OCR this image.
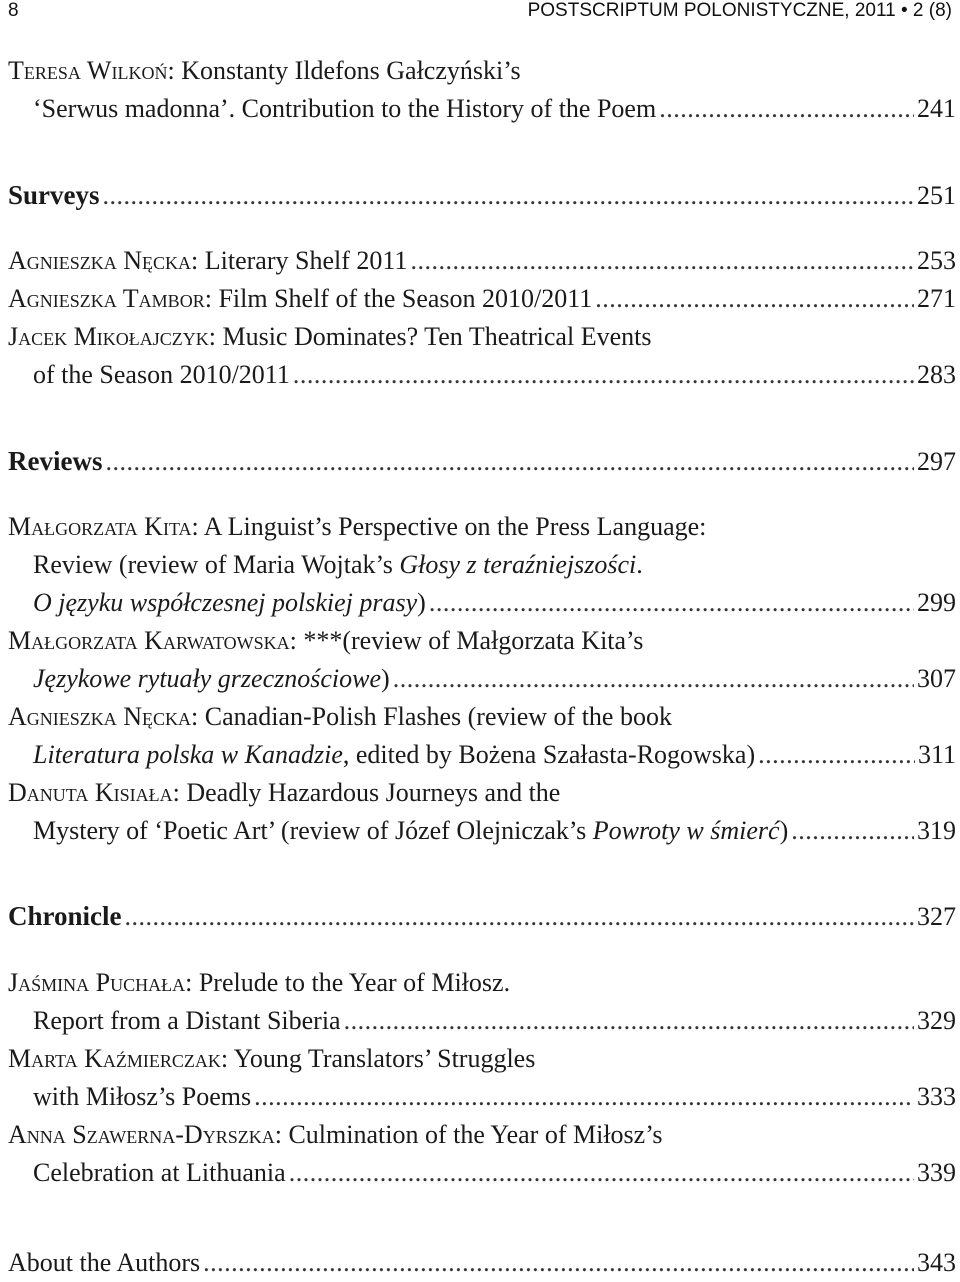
8	POSTSCRIPTUM POLONISTYCZNE, 2011 • 2 (8)
Teresa Wilkoń: Konstanty Ildefons Gałczyński’s
‘Serwus madonna’. Contribution to the History of the Poem .....	241
Surveys .....	251
Agnieszka Nęcka: Literary Shelf 2011 .....	253
Agnieszka Tambor: Film Shelf of the Season 2010/2011 .....	271
Jacek Mikołajczyk: Music Dominates? Ten Theatrical Events
of the Season 2010/2011 .....	283
Reviews .....	297
Małgorzata Kita: A Linguist’s Perspective on the Press Language:
Review (review of Maria Wojtak’s Głosy z teraźniejszości.
O języku współczesnej polskiej prasy) .....	299
Małgorzata Karwatowska: ***(review of Małgorzata Kita’s
Językowe rytuały grzecznościowe) .....	307
Agnieszka Nęcka: Canadian-Polish Flashes (review of the book
Literatura polska w Kanadzie, edited by Bożena Szałasta-Rogowska) .....	311
Danuta Kisiała: Deadly Hazardous Journeys and the
Mystery of ‘Poetic Art’ (review of Józef Olejniczak’s Powroty w śmierć) .....	319
Chronicle .....	327
Jaśmina Puchała: Prelude to the Year of Miłosz.
Report from a Distant Siberia .....	329
Marta Kaźmierczak: Young Translators’ Struggles
with Miłosz’s Poems .....	333
Anna Szawerna-Dyrszka: Culmination of the Year of Miłosz’s
Celebration at Lithuania .....	339
About the Authors .....	343
